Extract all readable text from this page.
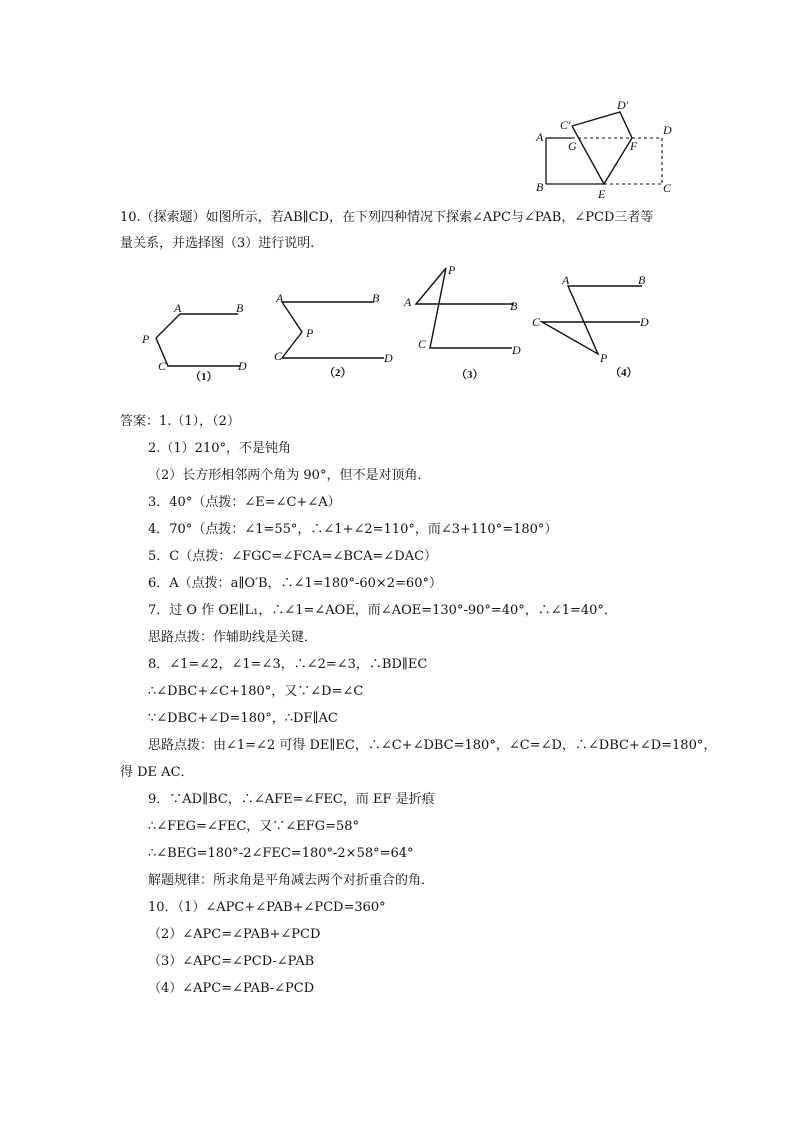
A
B	C
D
C′
D′
G	F
E
10.（探索题）如图所示，若AB∥CD，在下列四种情况下探索∠APC与∠PAB，∠PCD三者等
量关系，并选择图（3）进行说明．
A	B
P
C	D
（1）
A	B
P
C	D
（2）
P
A	B
C	D
（3）
A	B
C	D
P
（4）
答案：1.（1），（2）
2.（1）210°，不是钝角
（2）长方形相邻两个角为 90°，但不是对顶角．
3．40°（点拨：∠E=∠C+∠A）
4．70°（点拨：∠1=55°，∴∠1+∠2=110°，而∠3+110°=180°）
5．C（点拨：∠FGC=∠FCA=∠BCA=∠DAC）
6．A（点拨：a∥O′B，∴∠1=180°-60×2=60°）
7．过 O 作 OE∥L₁，∴∠1=∠AOE，而∠AOE=130°-90°=40°，∴∠1=40°．
思路点拨：作辅助线是关键．
8．∠1=∠2，∠1=∠3，∴∠2=∠3，∴BD∥EC
∴∠DBC+∠C+180°，又∵∠D=∠C
∵∠DBC+∠D=180°，∴DF∥AC
思路点拨：由∠1=∠2 可得 DE∥EC，∴∠C+∠DBC=180°，∠C=∠D，∴∠DBC+∠D=180°，
得 DE AC．
9．∵AD∥BC，∴∠AFE=∠FEC，而 EF 是折痕
∴∠FEG=∠FEC，又∵∠EFG=58°
∴∠BEG=180°-2∠FEC=180°-2×58°=64°
解题规律：所求角是平角减去两个对折重合的角．
10．（1）∠APC+∠PAB+∠PCD=360°
（2）∠APC=∠PAB+∠PCD
（3）∠APC=∠PCD-∠PAB
（4）∠APC=∠PAB-∠PCD
